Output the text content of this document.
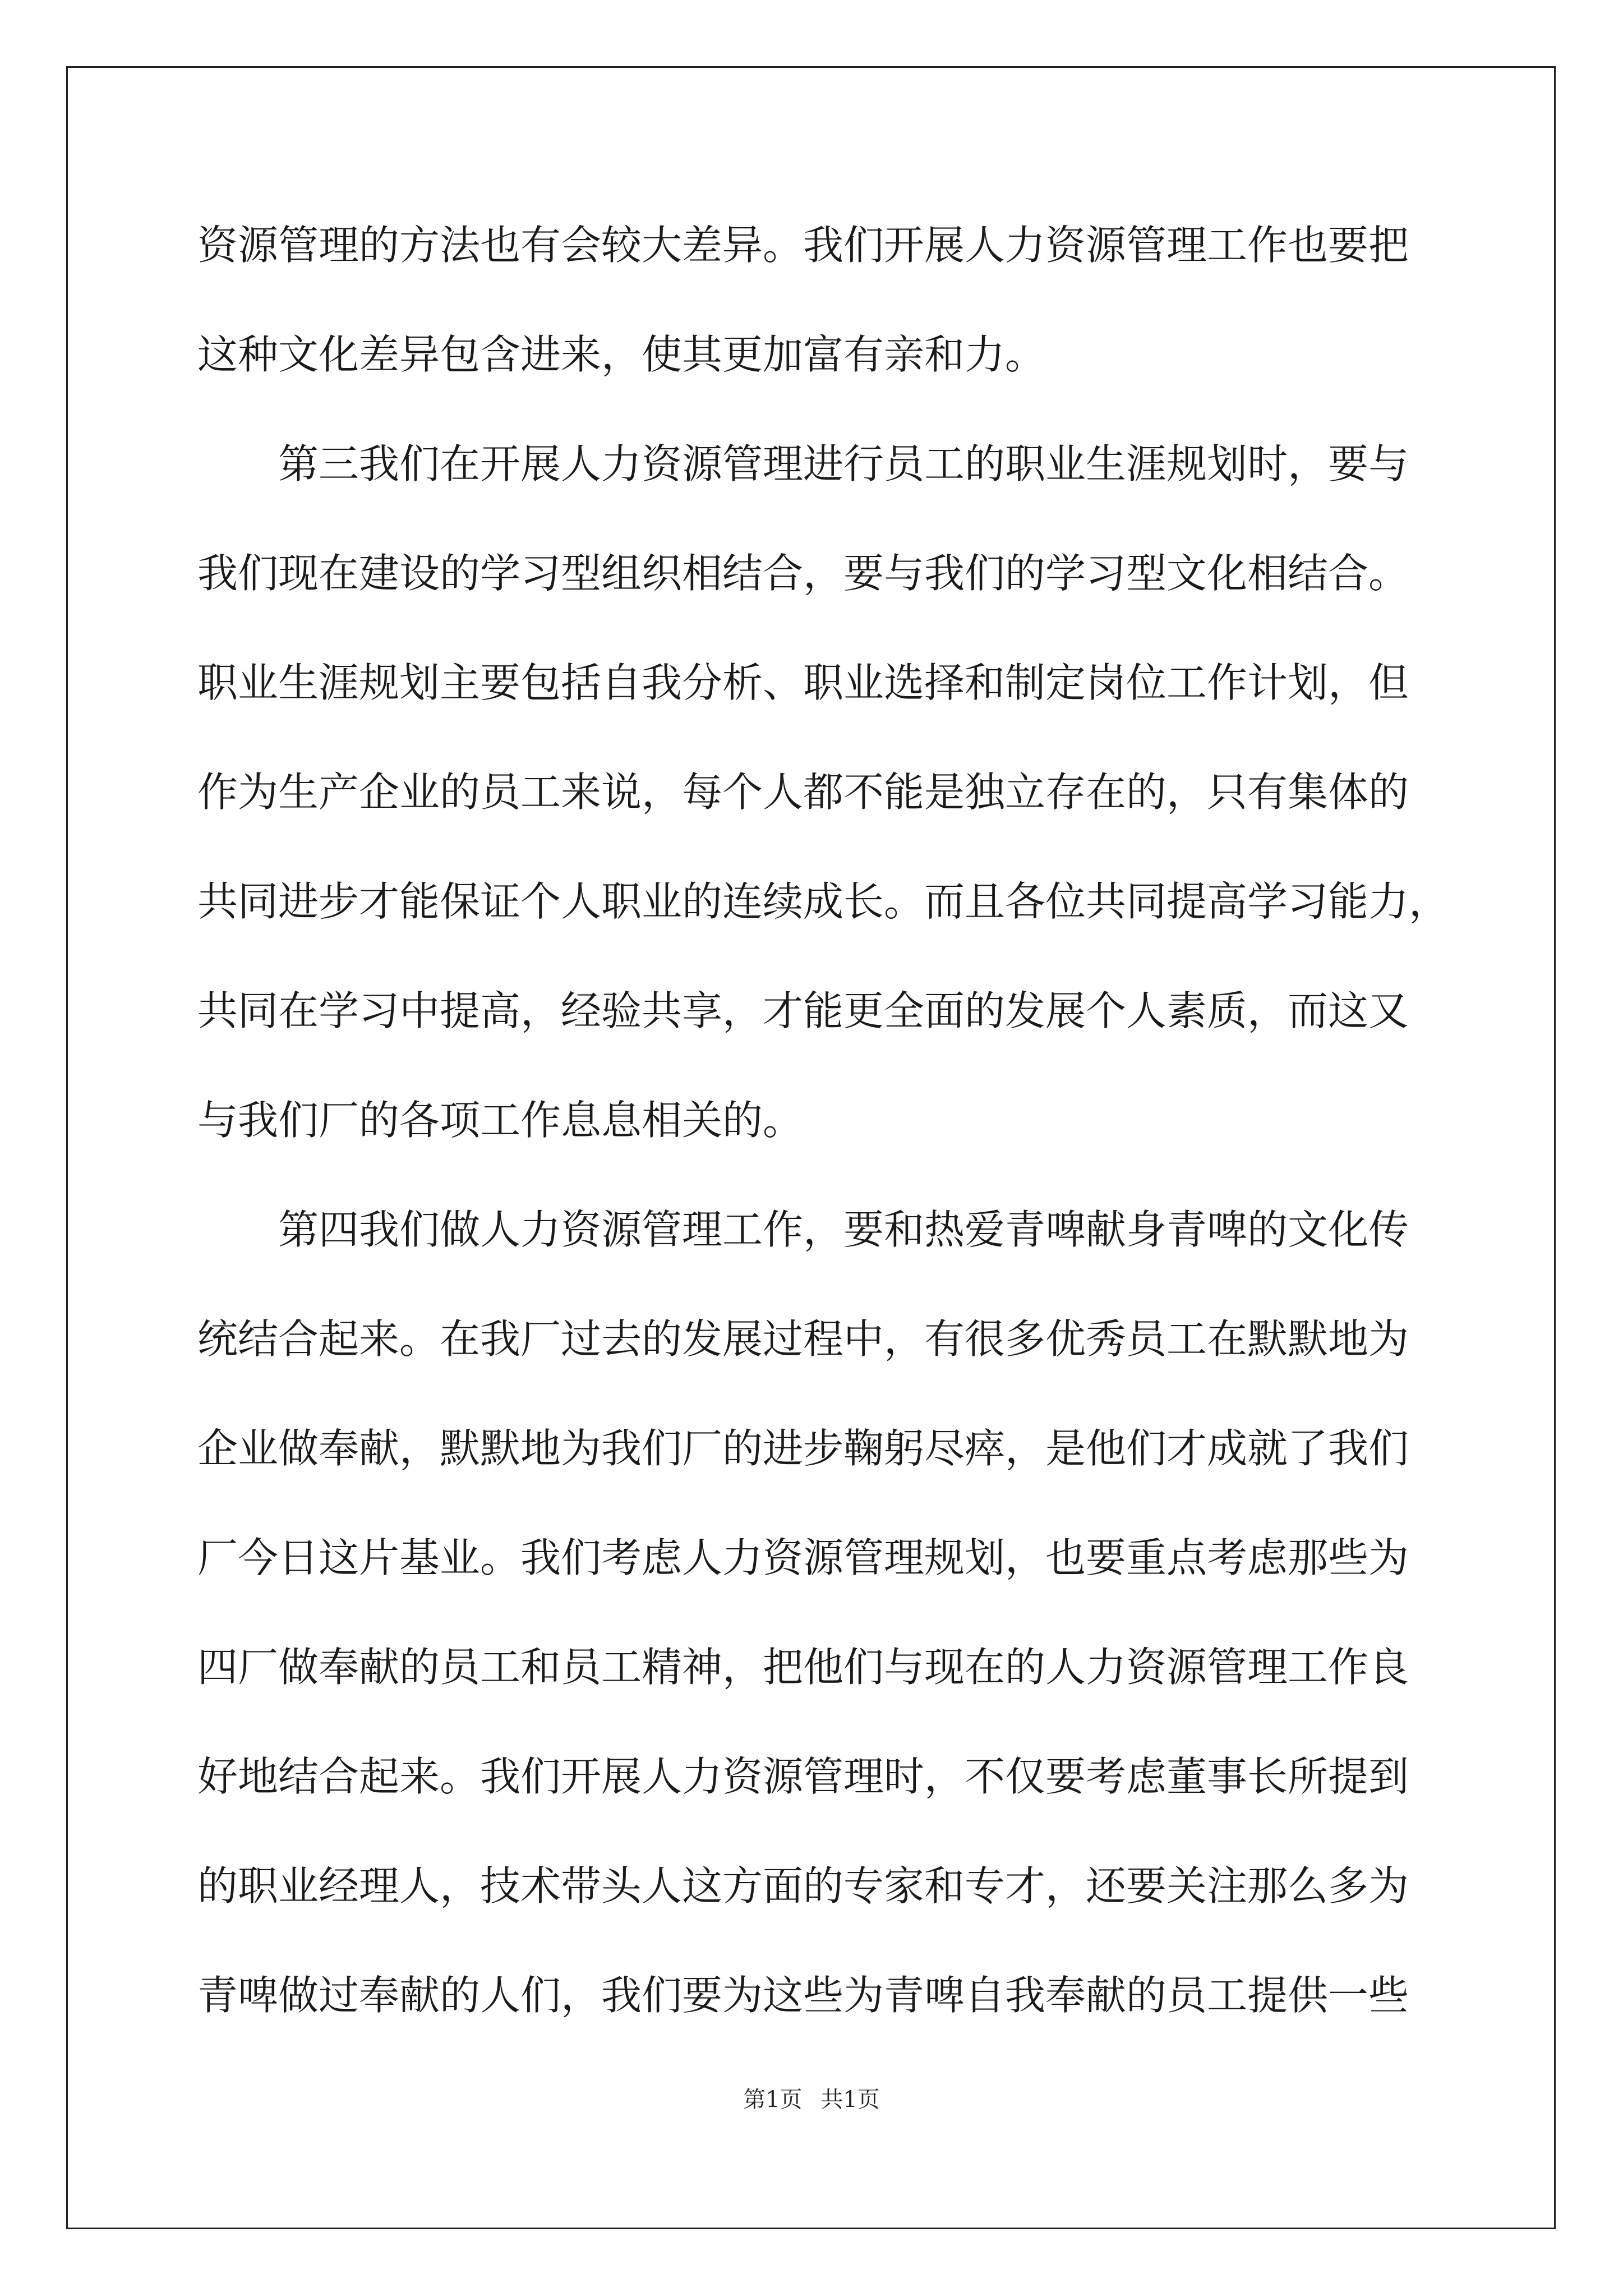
资源管理的方法也有会较大差异。我们开展人力资源管理工作也要把
这种文化差异包含进来，使其更加富有亲和力。
　　第三我们在开展人力资源管理进行员工的职业生涯规划时，要与
我们现在建设的学习型组织相结合，要与我们的学习型文化相结合。
职业生涯规划主要包括自我分析、职业选择和制定岗位工作计划，但
作为生产企业的员工来说，每个人都不能是独立存在的，只有集体的
共同进步才能保证个人职业的连续成长。而且各位共同提高学习能力，
共同在学习中提高，经验共享，才能更全面的发展个人素质，而这又
与我们厂的各项工作息息相关的。
　　第四我们做人力资源管理工作，要和热爱青啤献身青啤的文化传
统结合起来。在我厂过去的发展过程中，有很多优秀员工在默默地为
企业做奉献，默默地为我们厂的进步鞠躬尽瘁，是他们才成就了我们
厂今日这片基业。我们考虑人力资源管理规划，也要重点考虑那些为
四厂做奉献的员工和员工精神，把他们与现在的人力资源管理工作良
好地结合起来。我们开展人力资源管理时，不仅要考虑董事长所提到
的职业经理人，技术带头人这方面的专家和专才，还要关注那么多为
青啤做过奉献的人们，我们要为这些为青啤自我奉献的员工提供一些
第1页 共1页
